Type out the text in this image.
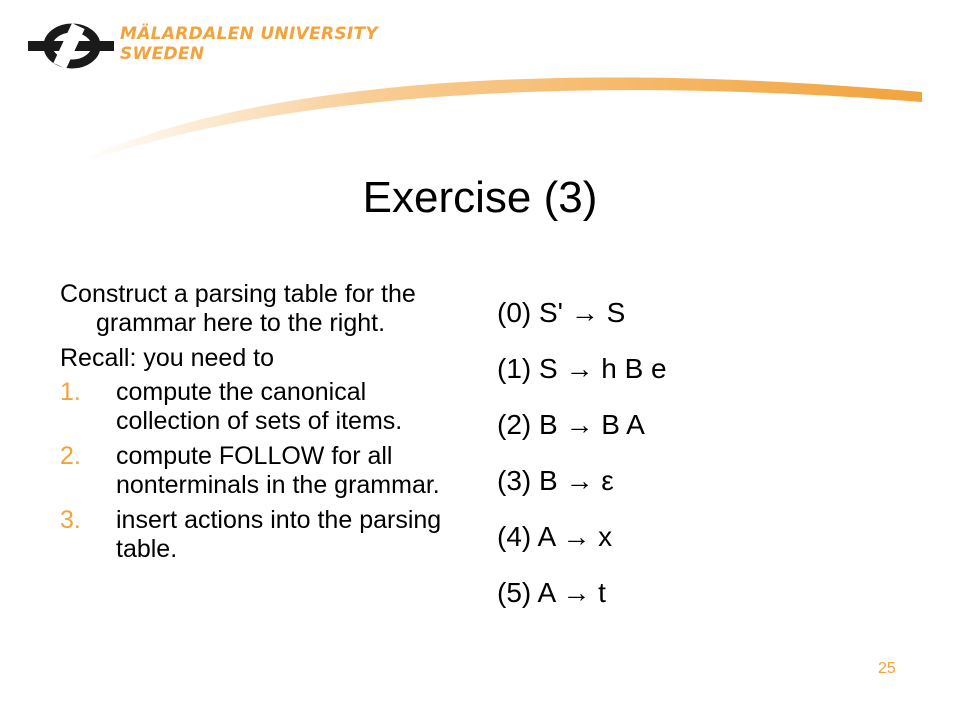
MÄLARDALEN UNIVERSITY
SWEDEN
Exercise (3)

Construct a parsing table for the grammar here to the right.

Recall: you need to

1. compute the canonical collection of sets of items.
2. compute FOLLOW for all nonterminals in the grammar.
3. insert actions into the parsing table.
(0) S' → S
(1) S → h B e
(2) B → B A
(3) B → ε
(4) A → x
(5) A → t
25
